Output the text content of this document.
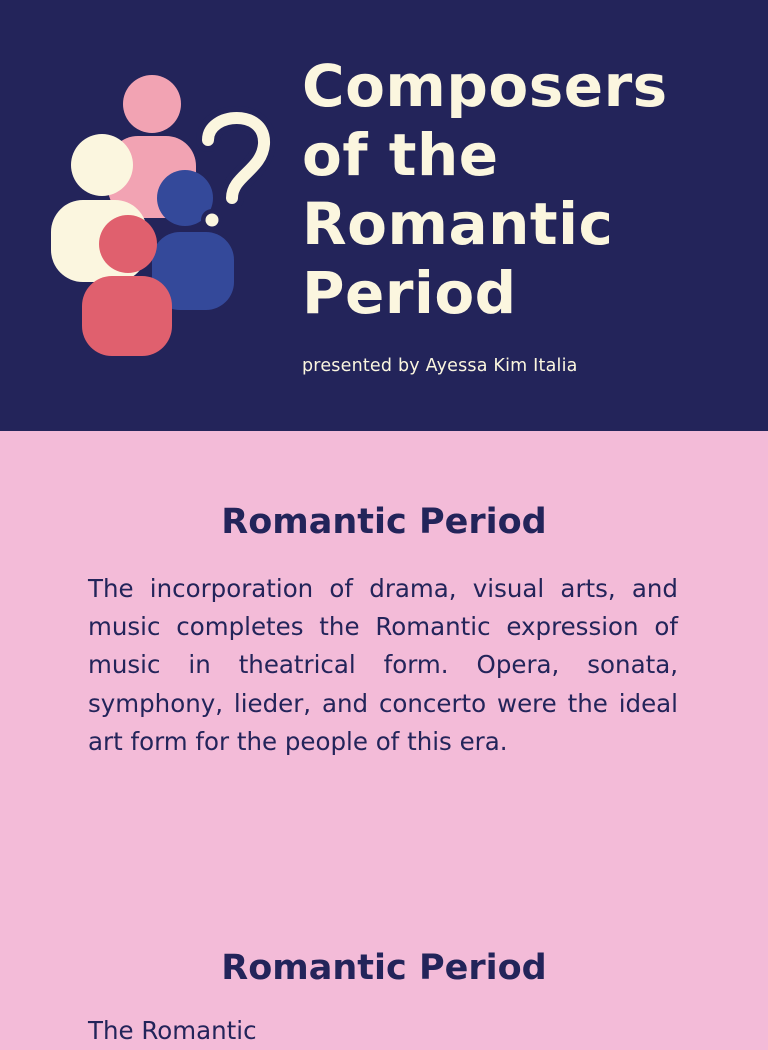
Composers
of the
Romantic
Period
presented by Ayessa Kim Italia
Romantic Period

The incorporation of drama, visual arts, and music completes the Romantic expression of music in theatrical form. Opera, sonata, symphony, lieder, and concerto were the ideal art form for the people of this era.

Romantic Period

The Romantic
